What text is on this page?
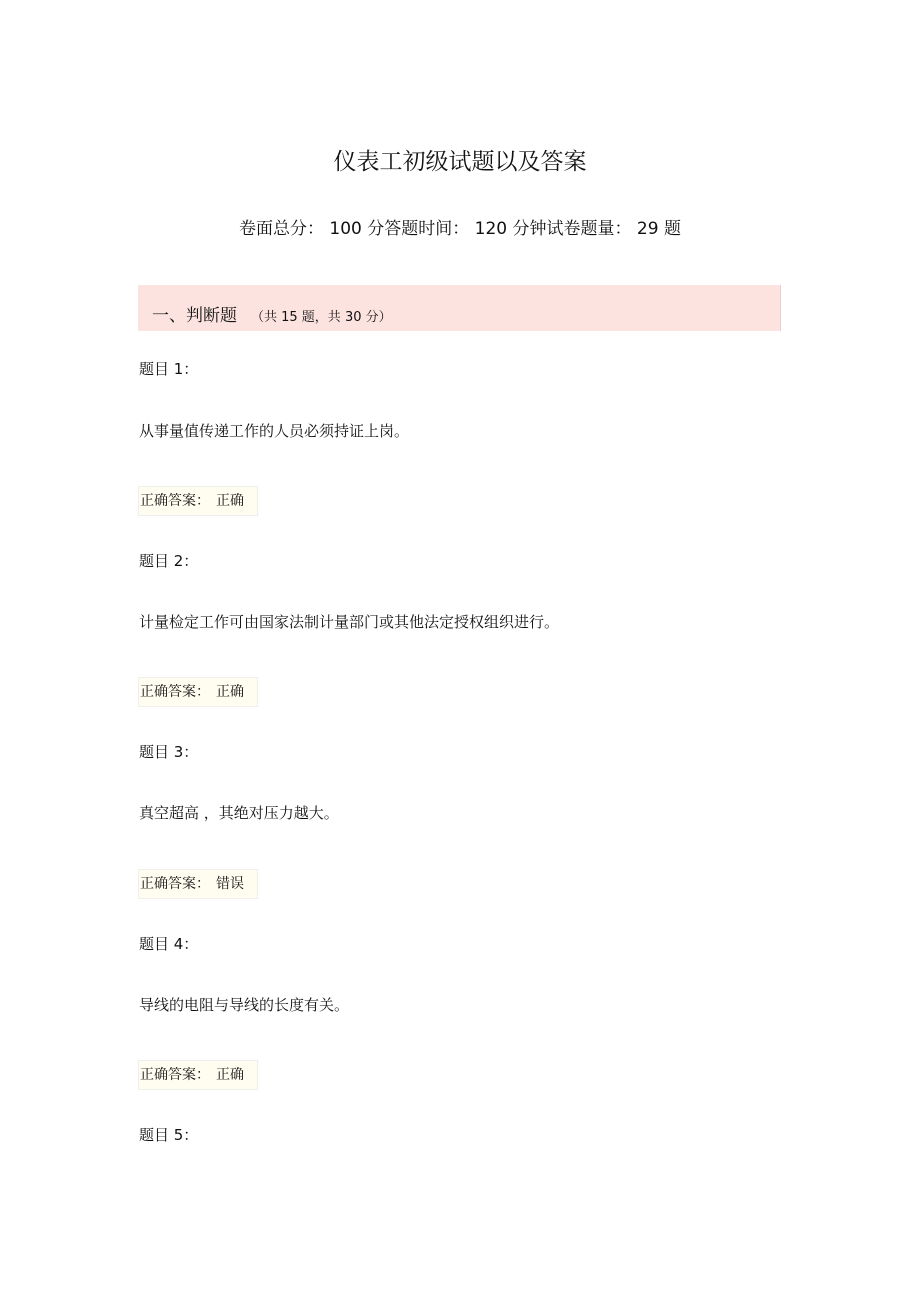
仪表工初级试题以及答案
卷面总分： 100 分答题时间： 120 分钟试卷题量： 29 题
一、判断题 （共 15 题，共 30 分）
题目 1：
从事量值传递工作的人员必须持证上岗。
正确答案： 正确
题目 2：
计量检定工作可由国家法制计量部门或其他法定授权组织进行。
正确答案： 正确
题目 3：
真空超高 ，其绝对压力越大。
正确答案： 错误
题目 4：
导线的电阻与导线的长度有关。
正确答案： 正确
题目 5：
